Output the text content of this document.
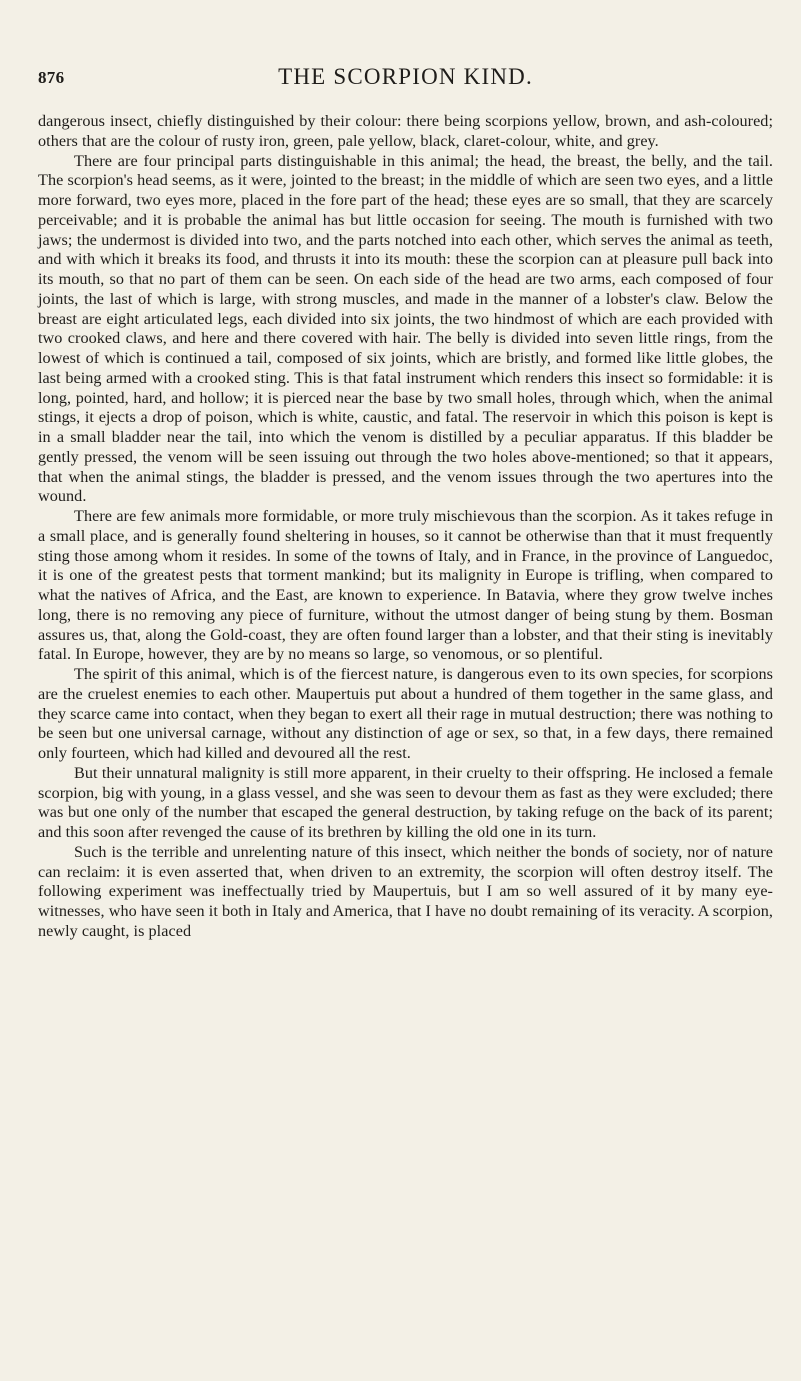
876	THE SCORPION KIND.

dangerous insect, chiefly distinguished by their colour: there being scorpions yellow, brown, and ash-coloured; others that are the colour of rusty iron, green, pale yellow, black, claret-colour, white, and grey.

There are four principal parts distinguishable in this animal; the head, the breast, the belly, and the tail. The scorpion's head seems, as it were, jointed to the breast; in the middle of which are seen two eyes, and a little more forward, two eyes more, placed in the fore part of the head; these eyes are so small, that they are scarcely perceivable; and it is probable the animal has but little occasion for seeing. The mouth is furnished with two jaws; the undermost is divided into two, and the parts notched into each other, which serves the animal as teeth, and with which it breaks its food, and thrusts it into its mouth: these the scorpion can at pleasure pull back into its mouth, so that no part of them can be seen. On each side of the head are two arms, each composed of four joints, the last of which is large, with strong muscles, and made in the manner of a lobster's claw. Below the breast are eight articulated legs, each divided into six joints, the two hindmost of which are each provided with two crooked claws, and here and there covered with hair. The belly is divided into seven little rings, from the lowest of which is continued a tail, composed of six joints, which are bristly, and formed like little globes, the last being armed with a crooked sting. This is that fatal instrument which renders this insect so formidable: it is long, pointed, hard, and hollow; it is pierced near the base by two small holes, through which, when the animal stings, it ejects a drop of poison, which is white, caustic, and fatal. The reservoir in which this poison is kept is in a small bladder near the tail, into which the venom is distilled by a peculiar apparatus. If this bladder be gently pressed, the venom will be seen issuing out through the two holes above-mentioned; so that it appears, that when the animal stings, the bladder is pressed, and the venom issues through the two apertures into the wound.

There are few animals more formidable, or more truly mischievous than the scorpion. As it takes refuge in a small place, and is generally found sheltering in houses, so it cannot be otherwise than that it must frequently sting those among whom it resides. In some of the towns of Italy, and in France, in the province of Languedoc, it is one of the greatest pests that torment mankind; but its malignity in Europe is trifling, when compared to what the natives of Africa, and the East, are known to experience. In Batavia, where they grow twelve inches long, there is no removing any piece of furniture, without the utmost danger of being stung by them. Bosman assures us, that, along the Gold-coast, they are often found larger than a lobster, and that their sting is inevitably fatal. In Europe, however, they are by no means so large, so venomous, or so plentiful.

The spirit of this animal, which is of the fiercest nature, is dangerous even to its own species, for scorpions are the cruelest enemies to each other. Maupertuis put about a hundred of them together in the same glass, and they scarce came into contact, when they began to exert all their rage in mutual destruction; there was nothing to be seen but one universal carnage, without any distinction of age or sex, so that, in a few days, there remained only fourteen, which had killed and devoured all the rest.

But their unnatural malignity is still more apparent, in their cruelty to their offspring. He inclosed a female scorpion, big with young, in a glass vessel, and she was seen to devour them as fast as they were excluded; there was but one only of the number that escaped the general destruction, by taking refuge on the back of its parent; and this soon after revenged the cause of its brethren by killing the old one in its turn.

Such is the terrible and unrelenting nature of this insect, which neither the bonds of society, nor of nature can reclaim: it is even asserted that, when driven to an extremity, the scorpion will often destroy itself. The following experiment was ineffectually tried by Maupertuis, but I am so well assured of it by many eye-witnesses, who have seen it both in Italy and America, that I have no doubt remaining of its veracity. A scorpion, newly caught, is placed
